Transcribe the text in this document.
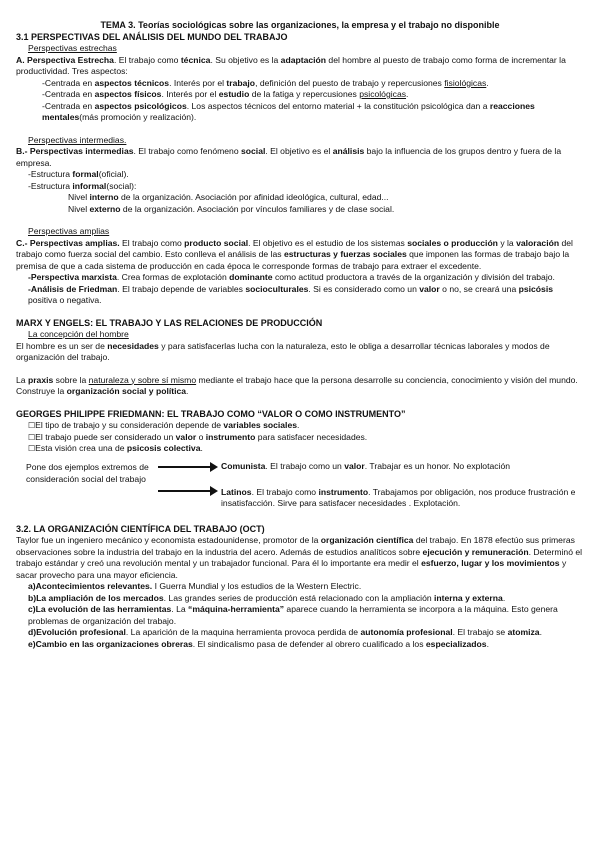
TEMA 3. Teorías sociológicas sobre las organizaciones, la empresa y el trabajo no disponible

3.1 PERSPECTIVAS DEL ANÁLISIS DEL MUNDO DEL TRABAJO

Perspectivas estrechas

A. Perspectiva Estrecha. El trabajo como técnica. Su objetivo es la adaptación del hombre al puesto de trabajo como forma de incrementar la productividad. Tres aspectos:

-Centrada en aspectos técnicos. Interés por el trabajo, definición del puesto de trabajo y repercusiones fisiológicas.

-Centrada en aspectos físicos. Interés por el estudio de la fatiga y repercusiones psicológicas.

-Centrada en aspectos psicológicos. Los aspectos técnicos del entorno material + la constitución psicológica dan a reacciones mentales(más promoción y realización).

Perspectivas intermedias.

B.- Perspectivas intermedias. El trabajo como fenómeno social. El objetivo es el análisis bajo la influencia de los grupos dentro y fuera de la empresa.

-Estructura formal(oficial).

-Estructura informal(social):

Nivel interno de la organización. Asociación por afinidad ideológica, cultural, edad...

Nivel externo de la organización. Asociación por vínculos familiares y de clase social.

Perspectivas amplias

C.- Perspectivas amplias. El trabajo como producto social. El objetivo es el estudio de los sistemas sociales o producción y la valoración del trabajo como fuerza social del cambio. Esto conlleva el análisis de las estructuras y fuerzas sociales que imponen las formas de trabajo bajo la premisa de que a cada sistema de producción en cada época le corresponde formas de trabajo para extraer el excedente.

-Perspectiva marxista. Crea formas de explotación dominante como actitud productora a través de la organización y división del trabajo.

-Análisis de Friedman. El trabajo depende de variables socioculturales. Si es considerado como un valor o no, se creará una psicósis positiva o negativa.

MARX Y ENGELS: EL TRABAJO Y LAS RELACIONES DE PRODUCCIÓN

La concepción del hombre

El hombre es un ser de necesidades y para satisfacerlas lucha con la naturaleza, esto le obliga a desarrollar técnicas laborales y modos de organización del trabajo.

La praxis sobre la naturaleza y sobre sí mismo mediante el trabajo hace que la persona desarrolle su conciencia, conocimiento y visión del mundo. Construye la organización social y política.

GEORGES PHILIPPE FRIEDMANN: EL TRABAJO COMO “VALOR O COMO INSTRUMENTO”

☐ El tipo de trabajo y su consideración depende de variables sociales.

☐ El trabajo puede ser considerado un valor o instrumento para satisfacer necesidades.

☐ Esta visión crea una de psicosis colectiva.

Pone dos ejemplos extremos de consideración social del trabajo
Comunista. El trabajo como un valor. Trabajar es un honor. No explotación
Latinos. El trabajo como instrumento. Trabajamos por obligación, nos produce frustración e insatisfacción. Sirve para satisfacer necesidades . Explotación.

3.2. LA ORGANIZACIÓN CIENTÍFICA DEL TRABAJO (OCT)

Taylor fue un ingeniero mecánico y economista estadounidense, promotor de la organización científica del trabajo. En 1878 efectúo sus primeras observaciones sobre la industria del trabajo en la industria del acero. Además de estudios analíticos sobre ejecución y remuneración. Determinó el trabajo estándar y creó una revolución mental y un trabajador funcional. Para él lo importante era medir el esfuerzo, lugar y los movimientos y sacar provecho para una mayor eficiencia.

a)Acontecimientos relevantes. I Guerra Mundial y los estudios de la Western Electric.

b)La ampliación de los mercados. Las grandes series de producción está relacionado con la ampliación interna y externa.

c)La evolución de las herramientas. La “máquina-herramienta” aparece cuando la herramienta se incorpora a la máquina. Esto genera problemas de organización del trabajo.

d)Evolución profesional. La aparición de la maquina herramienta provoca perdida de autonomía profesional. El trabajo se atomiza.

e)Cambio en las organizaciones obreras. El sindicalismo pasa de defender al obrero cualificado a los especializados.
